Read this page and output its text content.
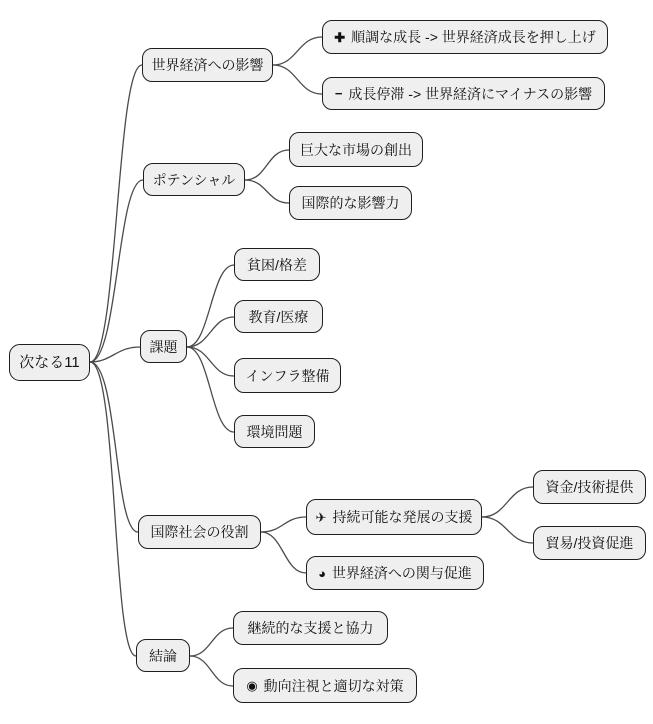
次なる11
世界経済への影響
✚ 順調な成長 -> 世界経済成長を押し上げ
− 成長停滞 -> 世界経済にマイナスの影響
ポテンシャル
巨大な市場の創出
国際的な影響力
課題
貧困/格差
教育/医療
インフラ整備
環境問題
国際社会の役割
✈ 持続可能な発展の支援
資金/技術提供
貿易/投資促進
◕ 世界経済への関与促進
結論
継続的な支援と協力
◉ 動向注視と適切な対策
